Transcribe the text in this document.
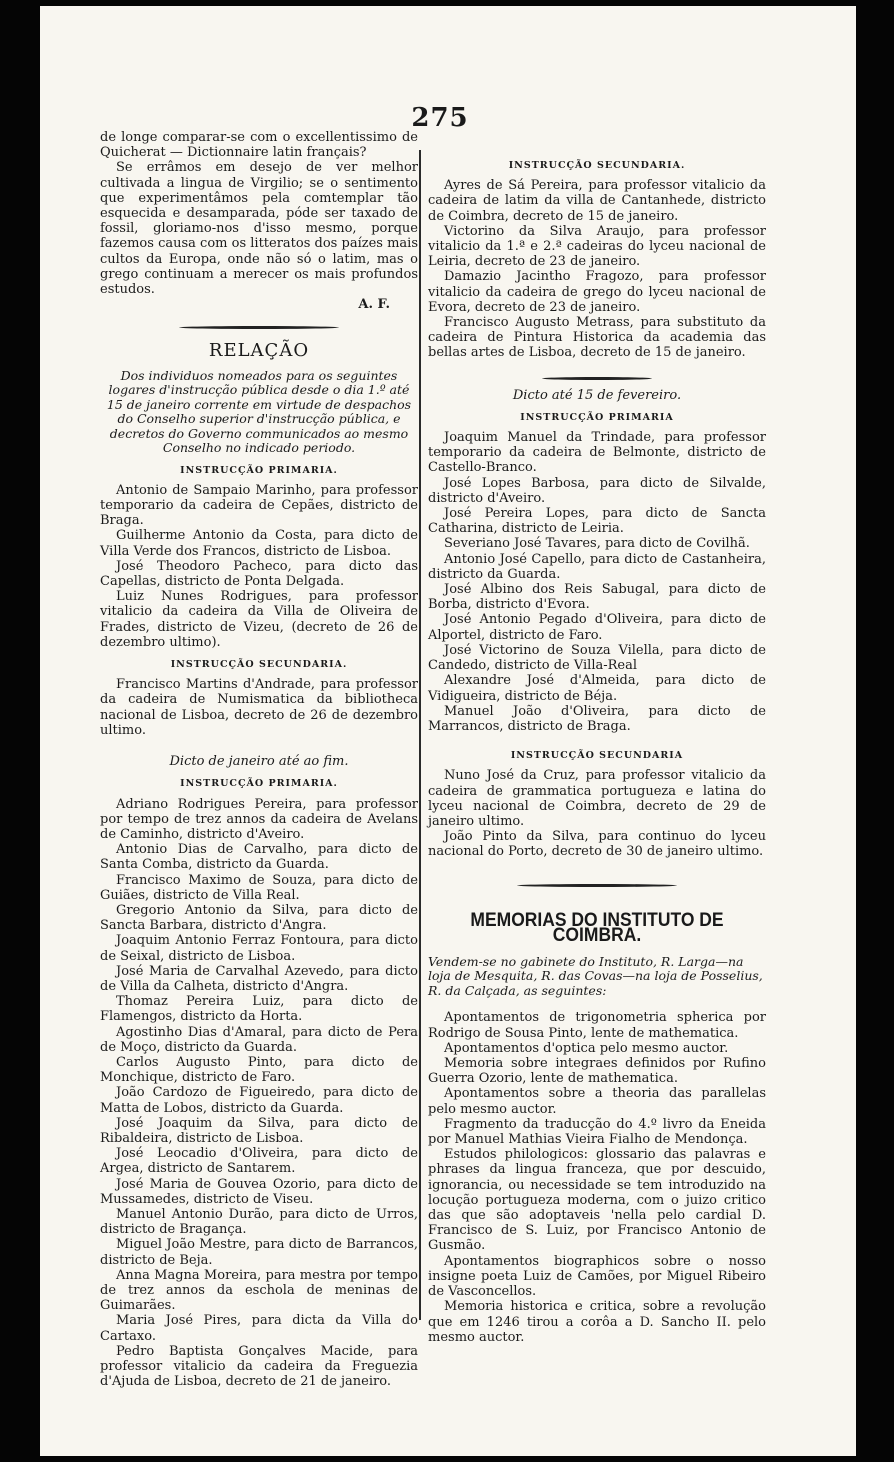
275

de longe comparar-se com o excellentissimo de Quicherat — Dictionnaire latin français?

Se errâmos em desejo de ver melhor cultivada a lingua de Virgilio; se o sentimento que experimentâmos pela comtemplar tão esquecida e desamparada, póde ser taxado de fossil, gloriamo-nos d'isso mesmo, porque fazemos causa com os litteratos dos paízes mais cultos da Europa, onde não só o latim, mas o grego continuam a merecer os mais profundos estudos.

A. F.
RELAÇÃO
Dos individuos nomeados para os seguintes logares d'instrucção pública desde o dia 1.º até 15 de janeiro corrente em virtude de despachos do Conselho superior d'instrucção pública, e decretos do Governo communicados ao mesmo Conselho no indicado periodo.
INSTRUCÇÃO PRIMARIA.

Antonio de Sampaio Marinho, para professor temporario da cadeira de Cepães, districto de Braga.

Guilherme Antonio da Costa, para dicto de Villa Verde dos Francos, districto de Lisboa.

José Theodoro Pacheco, para dicto das Capellas, districto de Ponta Delgada.

Luiz Nunes Rodrigues, para professor vitalicio da cadeira da Villa de Oliveira de Frades, districto de Vizeu, (decreto de 26 de dezembro ultimo).

INSTRUCÇÃO SECUNDARIA.

Francisco Martins d'Andrade, para professor da cadeira de Numismatica da bibliotheca nacional de Lisboa, decreto de 26 de dezembro ultimo.

Dicto de janeiro até ao fim.
INSTRUCÇÃO PRIMARIA.

Adriano Rodrigues Pereira, para professor por tempo de trez annos da cadeira de Avelans de Caminho, districto d'Aveiro.

Antonio Dias de Carvalho, para dicto de Santa Comba, districto da Guarda.

Francisco Maximo de Souza, para dicto de Guiães, districto de Villa Real.

Gregorio Antonio da Silva, para dicto de Sancta Barbara, districto d'Angra.

Joaquim Antonio Ferraz Fontoura, para dicto de Seixal, districto de Lisboa.

José Maria de Carvalhal Azevedo, para dicto de Villa da Calheta, districto d'Angra.

Thomaz Pereira Luiz, para dicto de Flamengos, districto da Horta.

Agostinho Dias d'Amaral, para dicto de Pera de Moço, districto da Guarda.

Carlos Augusto Pinto, para dicto de Monchique, districto de Faro.

João Cardozo de Figueiredo, para dicto de Matta de Lobos, districto da Guarda.

José Joaquim da Silva, para dicto de Ribaldeira, districto de Lisboa.

José Leocadio d'Oliveira, para dicto de Argea, districto de Santarem.

José Maria de Gouvea Ozorio, para dicto de Mussamedes, districto de Viseu.

Manuel Antonio Durão, para dicto de Urros, districto de Bragança.

Miguel João Mestre, para dicto de Barrancos, districto de Beja.

Anna Magna Moreira, para mestra por tempo de trez annos da eschola de meninas de Guimarães.

Maria José Pires, para dicta da Villa do Cartaxo.

Pedro Baptista Gonçalves Macide, para professor vitalicio da cadeira da Freguezia d'Ajuda de Lisboa, decreto de 21 de janeiro.

INSTRUCÇÃO SECUNDARIA.

Ayres de Sá Pereira, para professor vitalicio da cadeira de latim da villa de Cantanhede, districto de Coimbra, decreto de 15 de janeiro.

Victorino da Silva Araujo, para professor vitalicio da 1.ª e 2.ª cadeiras do lyceu nacional de Leiria, decreto de 23 de janeiro.

Damazio Jacintho Fragozo, para professor vitalicio da cadeira de grego do lyceu nacional de Evora, decreto de 23 de janeiro.

Francisco Augusto Metrass, para substituto da cadeira de Pintura Historica da academia das bellas artes de Lisboa, decreto de 15 de janeiro.

Dicto até 15 de fevereiro.
INSTRUCÇÃO PRIMARIA

Joaquim Manuel da Trindade, para professor temporario da cadeira de Belmonte, districto de Castello-Branco.

José Lopes Barbosa, para dicto de Silvalde, districto d'Aveiro.

José Pereira Lopes, para dicto de Sancta Catharina, districto de Leiria.

Severiano José Tavares, para dicto de Covilhã.

Antonio José Capello, para dicto de Castanheira, districto da Guarda.

José Albino dos Reis Sabugal, para dicto de Borba, districto d'Evora.

José Antonio Pegado d'Oliveira, para dicto de Alportel, districto de Faro.

José Victorino de Souza Vilella, para dicto de Candedo, districto de Villa-Real

Alexandre José d'Almeida, para dicto de Vidigueira, districto de Béja.

Manuel João d'Oliveira, para dicto de Marrancos, districto de Braga.

INSTRUCÇÃO SECUNDARIA

Nuno José da Cruz, para professor vitalicio da cadeira de grammatica portugueza e latina do lyceu nacional de Coimbra, decreto de 29 de janeiro ultimo.

João Pinto da Silva, para continuo do lyceu nacional do Porto, decreto de 30 de janeiro ultimo.

MEMORIAS DO INSTITUTO DE COIMBRA.
Vendem-se no gabinete do Instituto, R. Larga—na loja de Mesquita, R. das Covas—na loja de Posselius, R. da Calçada, as seguintes:

Apontamentos de trigonometria spherica por Rodrigo de Sousa Pinto, lente de mathematica.

Apontamentos d'optica pelo mesmo auctor.

Memoria sobre integraes definidos por Rufino Guerra Ozorio, lente de mathematica.

Apontamentos sobre a theoria das parallelas pelo mesmo auctor.

Fragmento da traducção do 4.º livro da Eneida por Manuel Mathias Vieira Fialho de Mendonça.

Estudos philologicos: glossario das palavras e phrases da lingua franceza, que por descuido, ignorancia, ou necessidade se tem introduzido na locução portugueza moderna, com o juizo critico das que são adoptaveis 'nella pelo cardial D. Francisco de S. Luiz, por Francisco Antonio de Gusmão.

Apontamentos biographicos sobre o nosso insigne poeta Luiz de Camões, por Miguel Ribeiro de Vasconcellos.

Memoria historica e critica, sobre a revolução que em 1246 tirou a corôa a D. Sancho II. pelo mesmo auctor.
